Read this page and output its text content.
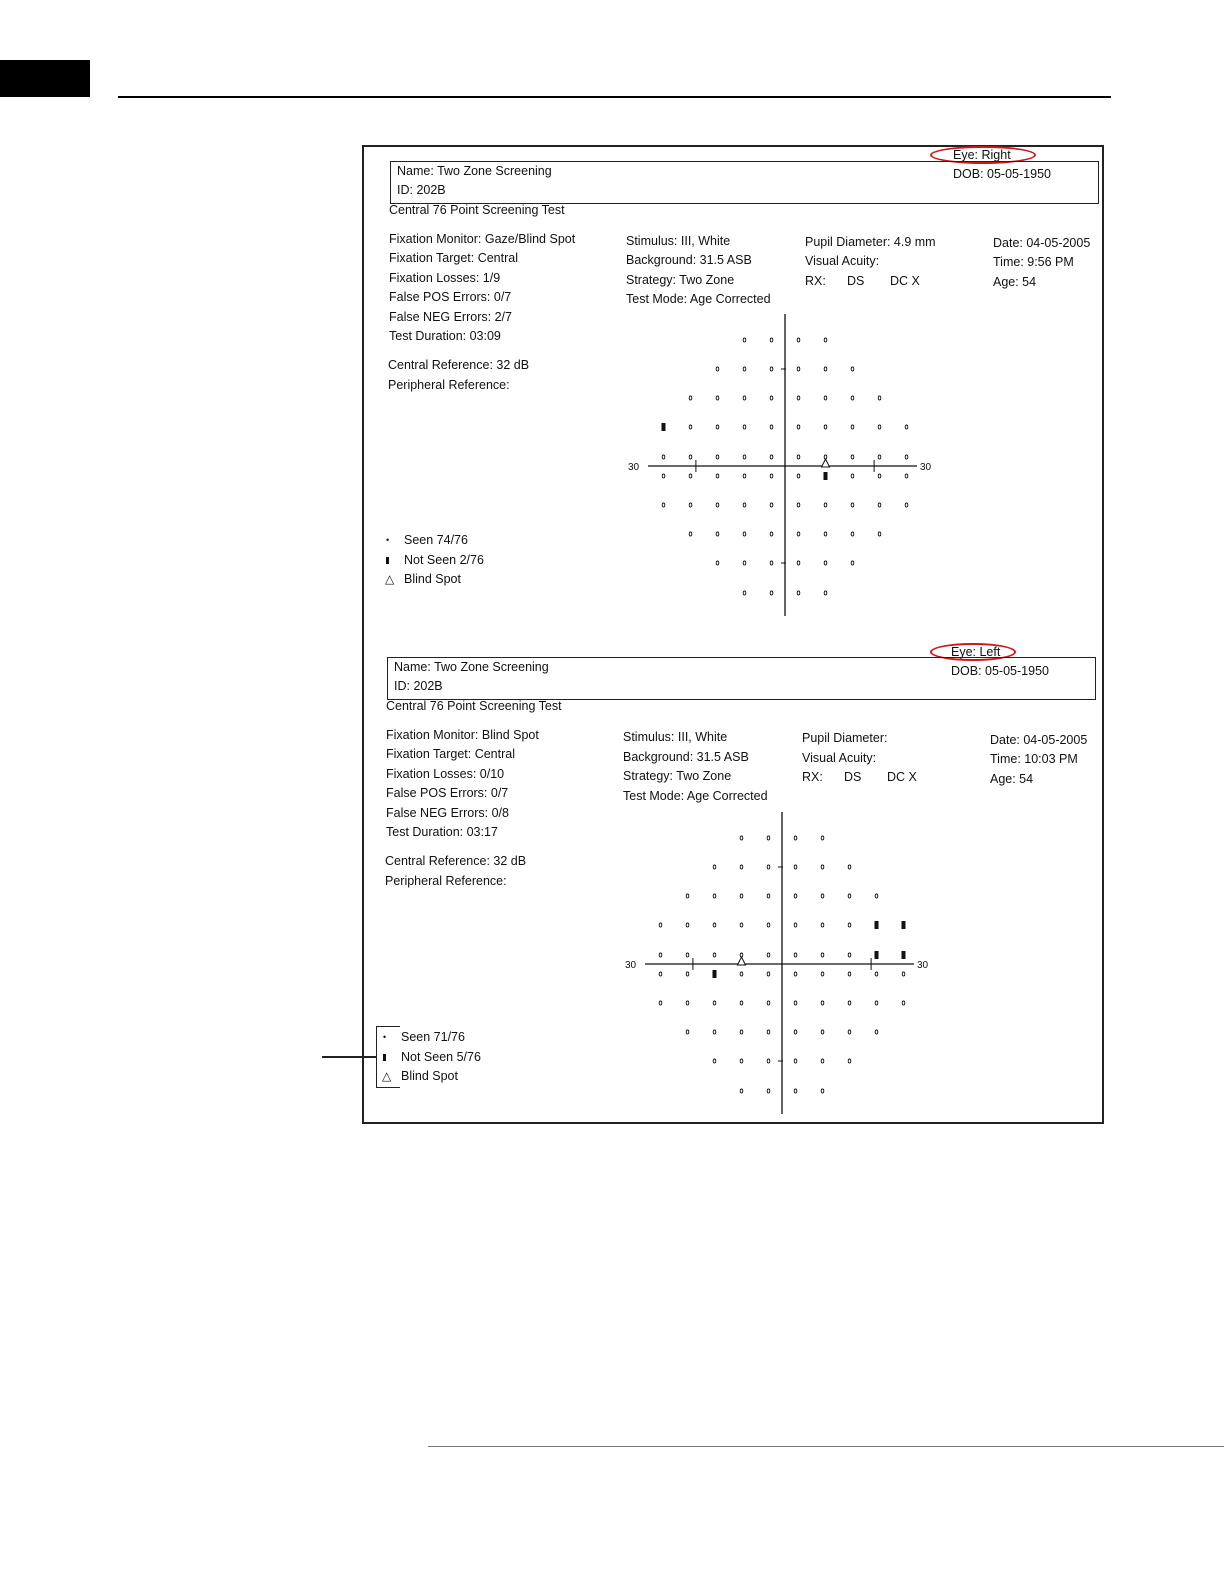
Eye: Right
Name: Two Zone Screening
ID: 202B
DOB: 05-05-1950
Central 76 Point Screening Test
Fixation Monitor: Gaze/Blind Spot
Fixation Target: Central
Fixation Losses: 1/9
False POS Errors: 0/7
False NEG Errors: 2/7
Test Duration: 03:09
Stimulus: III, White
Background: 31.5 ASB
Strategy: Two Zone
Test Mode: Age Corrected
Pupil Diameter: 4.9 mm
Visual Acuity:
RX: DS DC X
Date: 04-05-2005
Time: 9:56 PM
Age: 54
Central Reference: 32 dB
Peripheral Reference:
• Seen 74/76
Not Seen 2/76
△ Blind Spot
30	30
Eye: Left
Name: Two Zone Screening
ID: 202B
DOB: 05-05-1950
Central 76 Point Screening Test
Fixation Monitor: Blind Spot
Fixation Target: Central
Fixation Losses: 0/10
False POS Errors: 0/7
False NEG Errors: 0/8
Test Duration: 03:17
Stimulus: III, White
Background: 31.5 ASB
Strategy: Two Zone
Test Mode: Age Corrected
Pupil Diameter:
Visual Acuity:
RX: DS DC X
Date: 04-05-2005
Time: 10:03 PM
Age: 54
Central Reference: 32 dB
Peripheral Reference:
• Seen 71/76
Not Seen 5/76
△ Blind Spot
30	30
